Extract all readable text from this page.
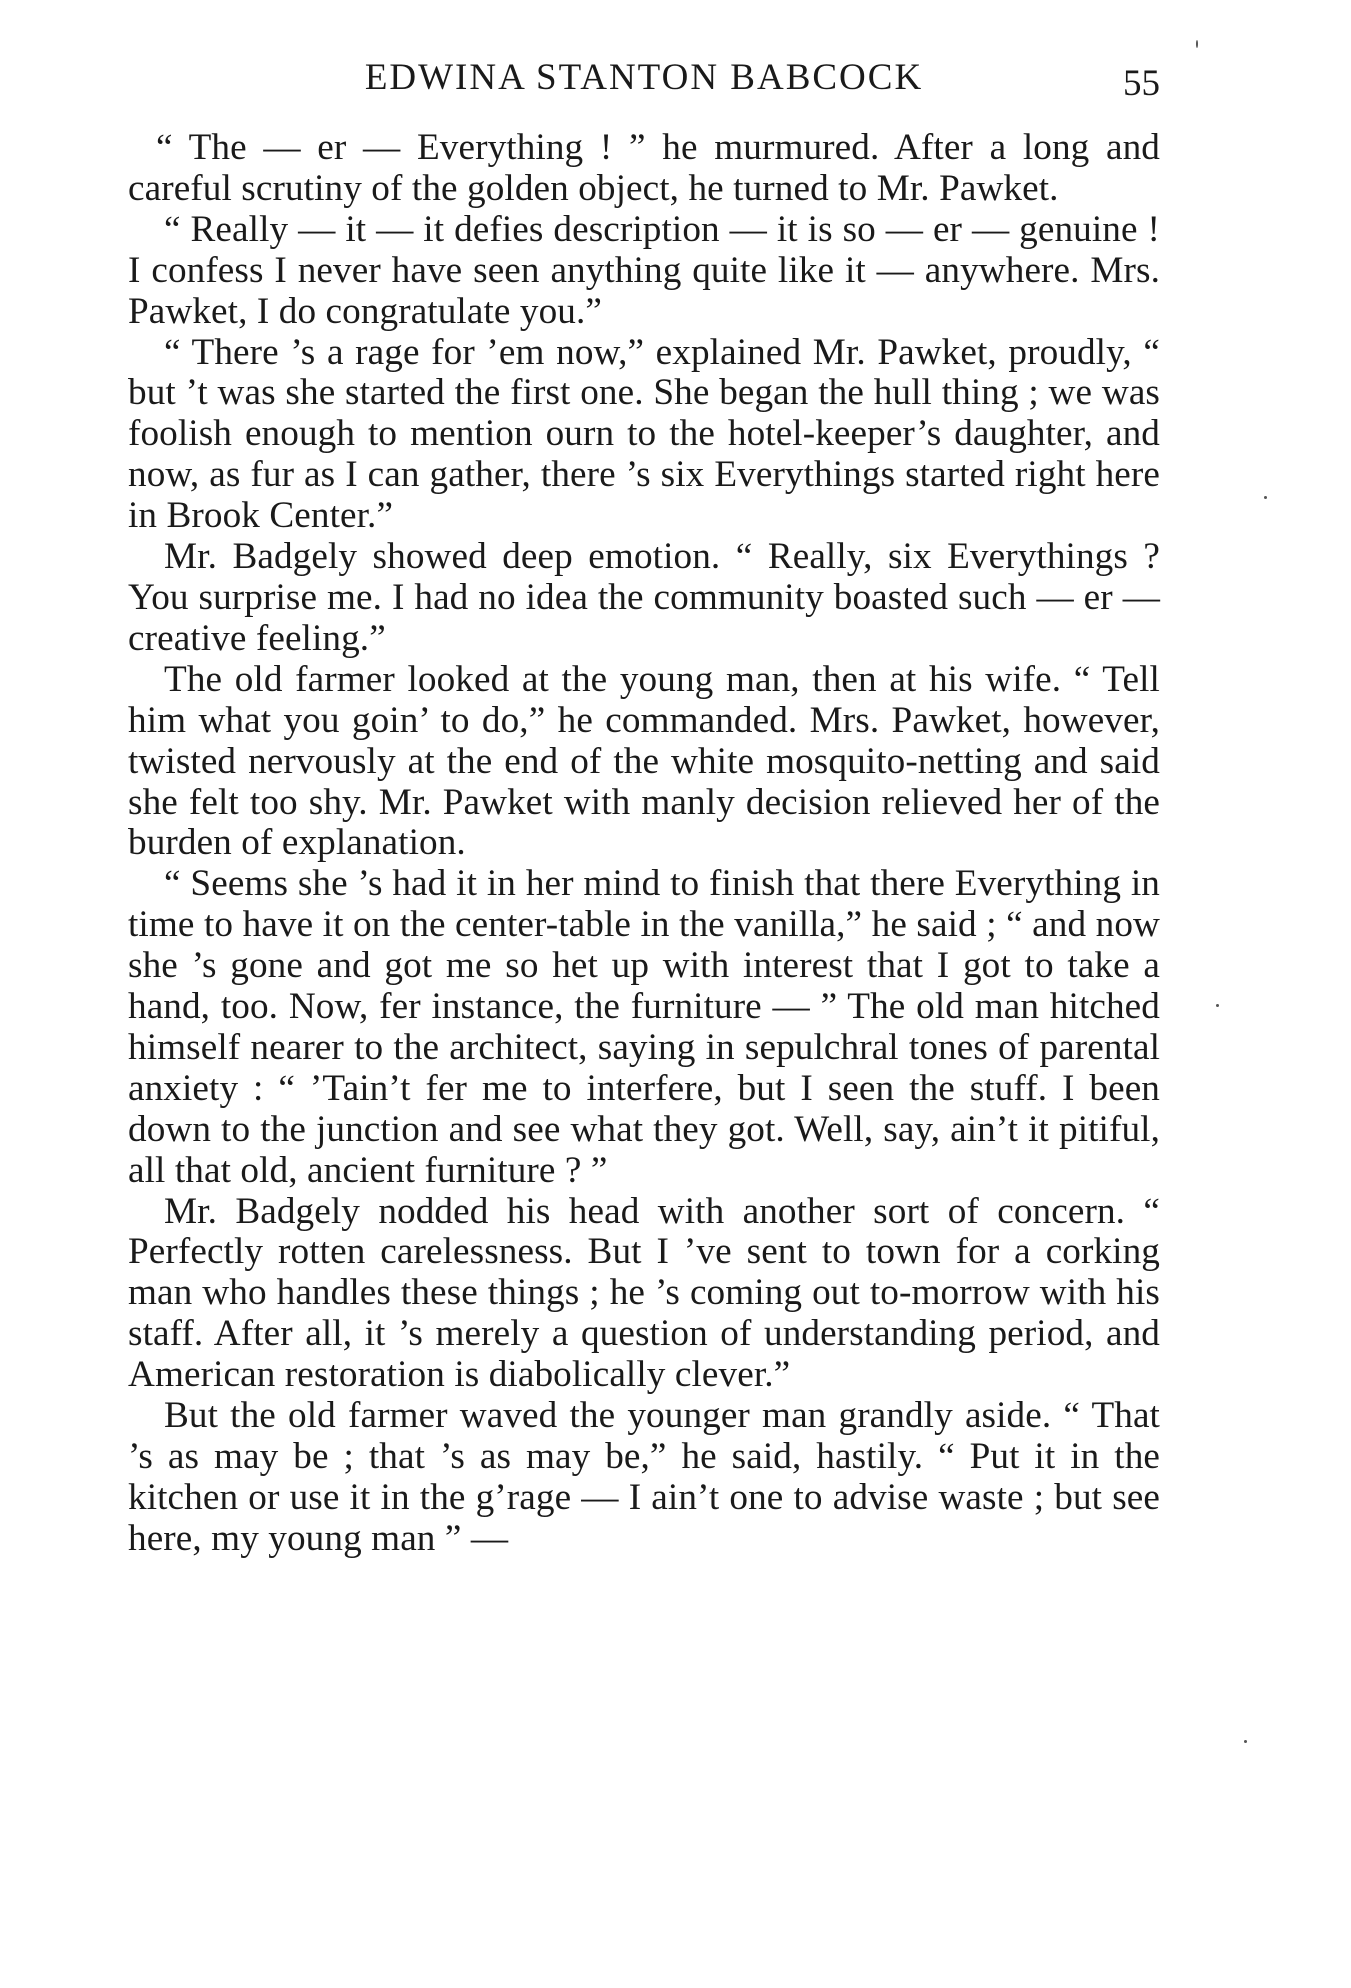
EDWINA STANTON BABCOCK	55

“ The — er — Everything ! ” he murmured. After a long and careful scrutiny of the golden object, he turned to Mr. Pawket.

“ Really — it — it defies description — it is so — er — genuine ! I confess I never have seen anything quite like it — anywhere. Mrs. Pawket, I do congratulate you.”

“ There ’s a rage for ’em now,” explained Mr. Pawket, proudly, “ but ’t was she started the first one. She began the hull thing ; we was foolish enough to mention ourn to the hotel-keeper’s daughter, and now, as fur as I can gather, there ’s six Everythings started right here in Brook Center.”

Mr. Badgely showed deep emotion. “ Really, six Everythings ? You surprise me. I had no idea the community boasted such — er — creative feeling.”

The old farmer looked at the young man, then at his wife. “ Tell him what you goin’ to do,” he commanded. Mrs. Pawket, however, twisted nervously at the end of the white mosquito-netting and said she felt too shy. Mr. Pawket with manly decision relieved her of the burden of explanation.

“ Seems she ’s had it in her mind to finish that there Everything in time to have it on the center-table in the vanilla,” he said ; “ and now she ’s gone and got me so het up with interest that I got to take a hand, too. Now, fer instance, the furniture — ” The old man hitched himself nearer to the architect, saying in sepulchral tones of parental anxiety : “ ’Tain’t fer me to interfere, but I seen the stuff. I been down to the junction and see what they got. Well, say, ain’t it pitiful, all that old, ancient furniture ? ”

Mr. Badgely nodded his head with another sort of concern. “ Perfectly rotten carelessness. But I ’ve sent to town for a corking man who handles these things ; he ’s coming out to-morrow with his staff. After all, it ’s merely a question of understanding period, and American restoration is diabolically clever.”

But the old farmer waved the younger man grandly aside. “ That ’s as may be ; that ’s as may be,” he said, hastily. “ Put it in the kitchen or use it in the g’rage — I ain’t one to advise waste ; but see here, my young man ” —
